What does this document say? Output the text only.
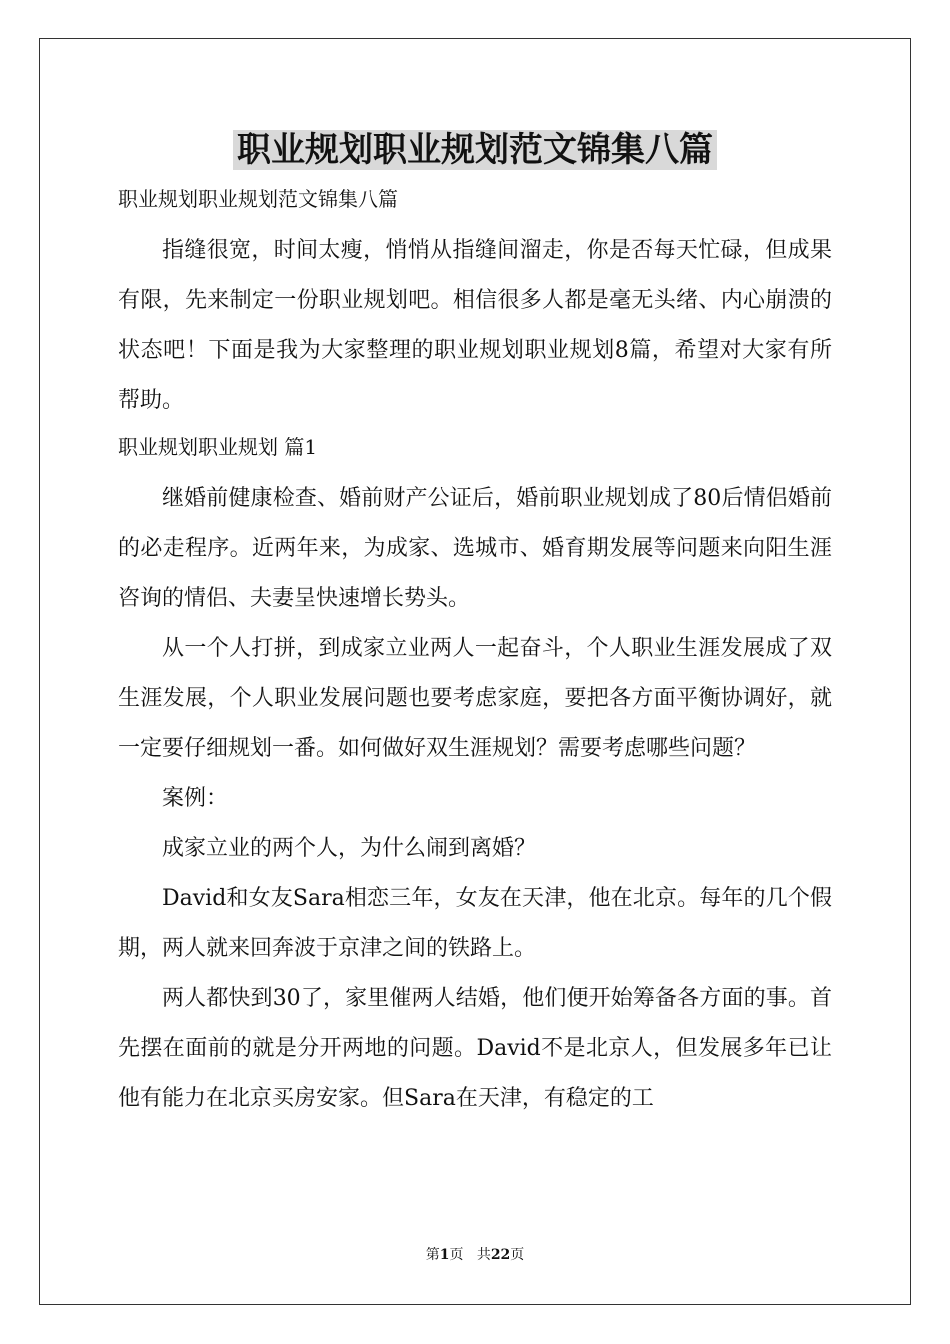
职业规划职业规划范文锦集八篇

职业规划职业规划范文锦集八篇

指缝很宽，时间太瘦，悄悄从指缝间溜走，你是否每天忙碌，但成果有限，先来制定一份职业规划吧。相信很多人都是毫无头绪、内心崩溃的状态吧！下面是我为大家整理的职业规划职业规划8篇，希望对大家有所帮助。

职业规划职业规划 篇1

继婚前健康检查、婚前财产公证后，婚前职业规划成了80后情侣婚前的必走程序。近两年来，为成家、选城市、婚育期发展等问题来向阳生涯咨询的情侣、夫妻呈快速增长势头。

从一个人打拼，到成家立业两人一起奋斗，个人职业生涯发展成了双生涯发展，个人职业发展问题也要考虑家庭，要把各方面平衡协调好，就一定要仔细规划一番。如何做好双生涯规划？需要考虑哪些问题？

案例：

成家立业的两个人，为什么闹到离婚？

David和女友Sara相恋三年，女友在天津，他在北京。每年的几个假期，两人就来回奔波于京津之间的铁路上。

两人都快到30了，家里催两人结婚，他们便开始筹备各方面的事。首先摆在面前的就是分开两地的问题。David不是北京人，但发展多年已让他有能力在北京买房安家。但Sara在天津，有稳定的工

第1页 共22页
